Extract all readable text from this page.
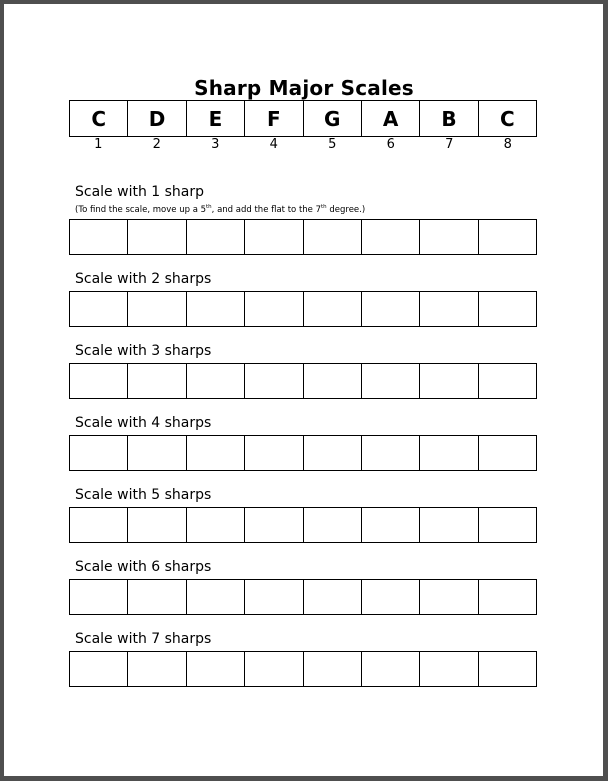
Sharp Major Scales
C	D	E	F	G	A	B	C
1	2	3	4	5	6	7	8
Scale with 1 sharp
(To find the scale, move up a 5th, and add the flat to the 7th degree.)
Scale with 2 sharps
Scale with 3 sharps
Scale with 4 sharps
Scale with 5 sharps
Scale with 6 sharps
Scale with 7 sharps
